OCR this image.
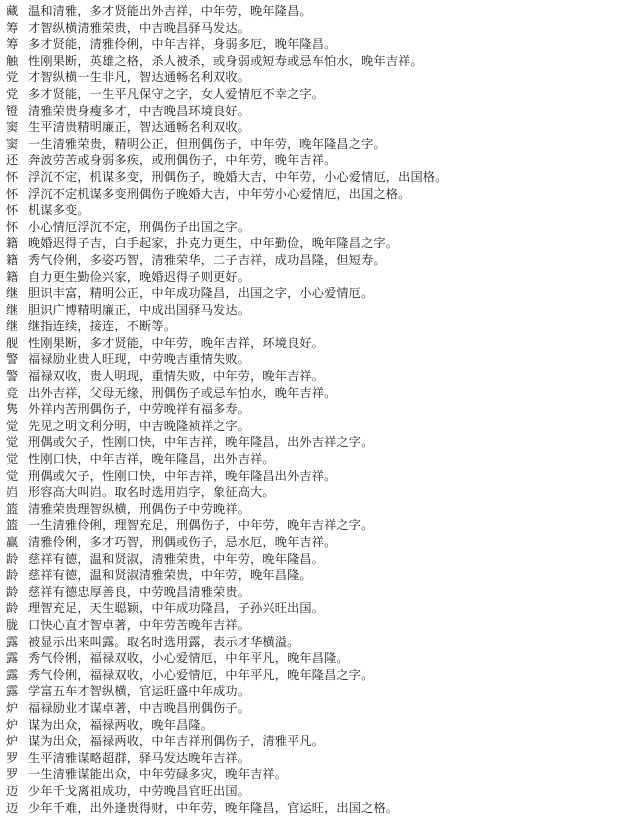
藏 温和清雅，多才贤能出外吉祥，中年劳，晚年隆昌。
筹 才智纵横清雅荣贵，中吉晚昌驿马发达。
筹 多才贤能，清雅伶俐，中年吉祥，身弱多厄，晚年隆昌。
触 性刚果断，英雄之格，杀人被杀，或身弱或短寿或忌车怕水，晚年吉祥。
党 才智纵横一生非凡，智达通畅名利双收。
党 多才贤能，一生平凡保守之字，女人爱情厄不幸之字。
镫 清雅荣贵身瘦多才，中吉晚昌环境良好。
窦 生平清贵精明廉正，智达通畅名利双收。
窦 一生清雅荣贵，精明公正，但刑偶伤子，中年劳，晚年隆昌之字。
还 奔波劳苦或身弱多疾，或刑偶伤子，中年劳，晚年吉祥。
怀 浮沉不定，机谋多变，刑偶伤子，晚婚大吉，中年劳，小心爱情厄，出国格。
怀 浮沉不定机谋多变刑偶伤子晚婚大吉，中年劳小心爱情厄，出国之格。
怀 机谋多变。
怀 小心情厄浮沉不定，刑偶伤子出国之字。
籍 晚婚迟得子吉，白手起家，扑克力更生，中年勤俭，晚年隆昌之字。
籍 秀气伶俐，多姿巧智，清雅荣华，二子吉祥，成功昌隆，但短寿。
籍 自力更生勤俭兴家，晚婚迟得子则更好。
继 胆识丰富，精明公正，中年成功隆昌，出国之字，小心爱情厄。
继 胆识广博精明廉正，中成出国驿马发达。
继 继指连续，接连，不断等。
舰 性刚果断，多才贤能，中年劳，晚年吉祥，环境良好。
警 福禄励业贵人旺现，中劳晚吉重情失败。
警 福禄双收，贵人明现，重情失败，中年劳，晚年吉祥。
竞 出外吉祥，父母无缘，刑偶伤子或忌车怕水，晚年吉祥。
隽 外祥内苦刑偶伤子，中劳晚祥有福多寿。
觉 先见之明文利分明，中吉晚隆祯祥之字。
觉 刑偶或欠子，性刚口快，中年吉祥，晚年隆昌，出外吉祥之字。
觉 性刚口快，中年吉祥，晚年隆昌，出外吉祥。
觉 刑偶或欠子，性刚口快，中年吉祥，晚年隆昌出外吉祥。
岿 形容高大叫岿。取名时选用岿字，象征高大。
篮 清雅荣贵理智纵横，刑偶伤子中劳晚祥。
篮 一生清雅伶俐，理智充足，刑偶伤子，中年劳，晚年吉祥之字。
赢 清雅伶俐，多才巧智，刑偶或伤子，忌水厄，晚年吉祥。
龄 慈祥有德，温和贤淑，清雅荣贵，中年劳，晚年隆昌。
龄 慈祥有德，温和贤淑清雅荣贵，中年劳，晚年昌隆。
龄 慈祥有德忠厚善良，中劳晚昌清雅荣贵。
龄 理智充足，天生聪颖，中年成功隆昌，子孙兴旺出国。
胧 口快心直才智卓著，中年劳苦晚年吉祥。
露 被显示出来叫露。取名时选用露，表示才华横溢。
露 秀气伶俐，福禄双收，小心爱情厄，中年平凡，晚年昌隆。
露 秀气伶俐，福禄双收，小心爱情厄，中年平凡，晚年隆昌之字。
露 学富五车才智纵横，官运旺盛中年成功。
炉 福禄励业才谋卓著，中吉晚昌刑偶伤子。
炉 谋为出众，福禄两收，晚年昌隆。
炉 谋为出众，福禄两收，中年吉祥刑偶伤子，清雅平凡。
罗 生平清雅谋略超群，驿马发达晚年吉祥。
罗 一生清雅谋能出众，中年劳碌多灾，晚年吉祥。
迈 少年千戈离祖成功，中劳晚昌官旺出国。
迈 少年千难，出外逢贵得财，中年劳，晚年隆昌，官运旺，出国之格。
